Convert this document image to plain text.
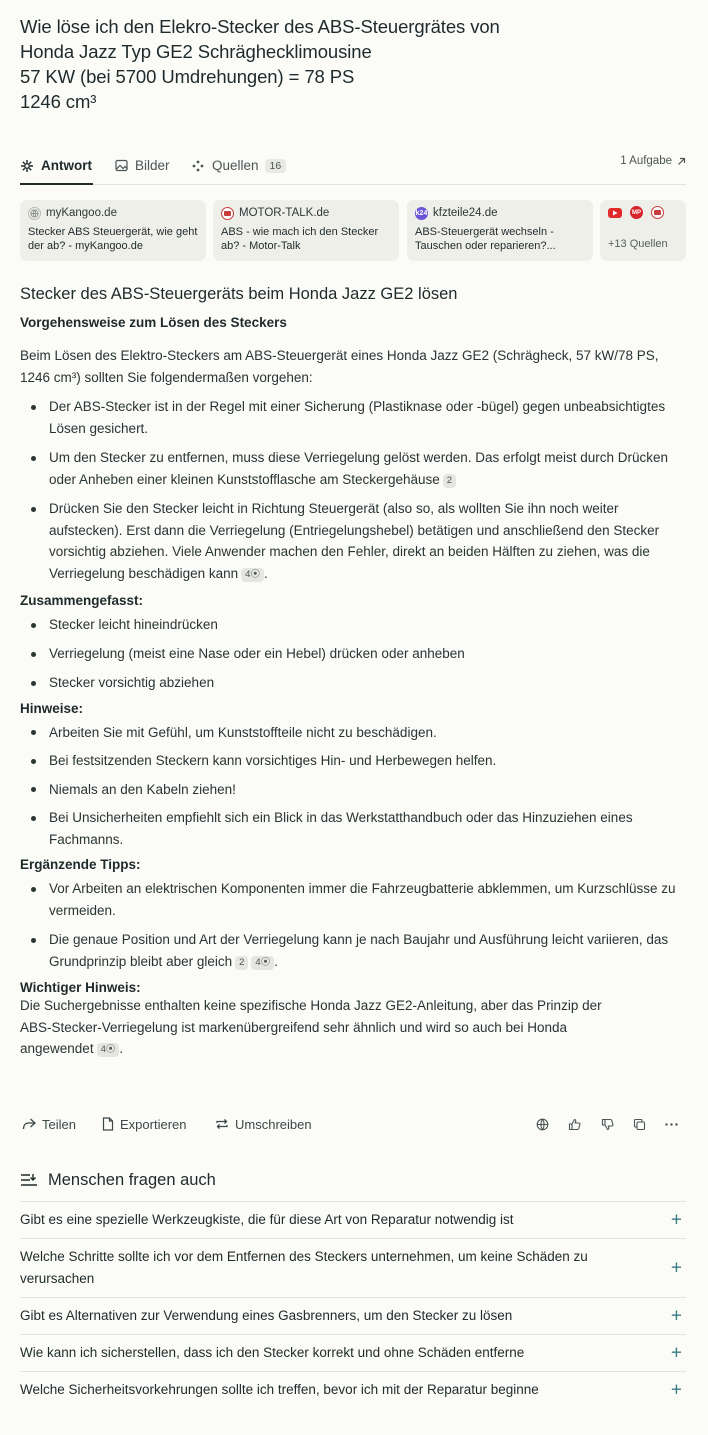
Wie löse ich den Elekro-Stecker des ABS-Steuergrätes von
Honda Jazz Typ GE2 Schräghecklimousine
57 KW (bei 5700 Umdrehungen) = 78 PS
1246 cm³
Antwort	Bilder	Quellen	16	1 Aufgabe
myKangoo.de
Stecker ABS Steuergerät, wie geht der ab? - myKangoo.de
MOTOR-TALK.de
ABS - wie mach ich den Stecker ab? - Motor-Talk
k24 kfzteile24.de
ABS-Steuergerät wechseln - Tauschen oder reparieren?...
MP
+13 Quellen
Stecker des ABS-Steuergeräts beim Honda Jazz GE2 lösen
Vorgehensweise zum Lösen des Steckers

Beim Lösen des Elektro-Steckers am ABS-Steuergerät eines Honda Jazz GE2 (Schrägheck, 57 kW/78 PS, 1246 cm³) sollten Sie folgendermaßen vorgehen:

Der ABS-Stecker ist in der Regel mit einer Sicherung (Plastiknase oder -bügel) gegen unbeabsichtigtes Lösen gesichert.
Um den Stecker zu entfernen, muss diese Verriegelung gelöst werden. Das erfolgt meist durch Drücken oder Anheben einer kleinen Kunststofflasche am Steckergehäuse 2
Drücken Sie den Stecker leicht in Richtung Steuergerät (also so, als wollten Sie ihn noch weiter aufstecken). Erst dann die Verriegelung (Entriegelungshebel) betätigen und anschließend den Stecker vorsichtig abziehen. Viele Anwender machen den Fehler, direkt an beiden Hälften zu ziehen, was die Verriegelung beschädigen kann 4⦿ .
Zusammengefasst:
Stecker leicht hineindrücken
Verriegelung (meist eine Nase oder ein Hebel) drücken oder anheben
Stecker vorsichtig abziehen
Hinweise:
Arbeiten Sie mit Gefühl, um Kunststoffteile nicht zu beschädigen.
Bei festsitzenden Steckern kann vorsichtiges Hin- und Herbewegen helfen.
Niemals an den Kabeln ziehen!
Bei Unsicherheiten empfiehlt sich ein Blick in das Werkstatthandbuch oder das Hinzuziehen eines Fachmanns.
Ergänzende Tipps:
Vor Arbeiten an elektrischen Komponenten immer die Fahrzeugbatterie abklemmen, um Kurzschlüsse zu vermeiden.
Die genaue Position und Art der Verriegelung kann je nach Baujahr und Ausführung leicht variieren, das Grundprinzip bleibt aber gleich 2 4⦿ .
Wichtiger Hinweis:

Die Suchergebnisse enthalten keine spezifische Honda Jazz GE2-Anleitung, aber das Prinzip der ABS-Stecker-Verriegelung ist markenübergreifend sehr ähnlich und wird so auch bei Honda angewendet 4⦿ .

Teilen	Exportieren	Umschreiben
Menschen fragen auch
Gibt es eine spezielle Werkzeugkiste, die für diese Art von Reparatur notwendig ist	+
Welche Schritte sollte ich vor dem Entfernen des Steckers unternehmen, um keine Schäden zu verursachen	+
Gibt es Alternativen zur Verwendung eines Gasbrenners, um den Stecker zu lösen	+
Wie kann ich sicherstellen, dass ich den Stecker korrekt und ohne Schäden entferne	+
Welche Sicherheitsvorkehrungen sollte ich treffen, bevor ich mit der Reparatur beginne	+
